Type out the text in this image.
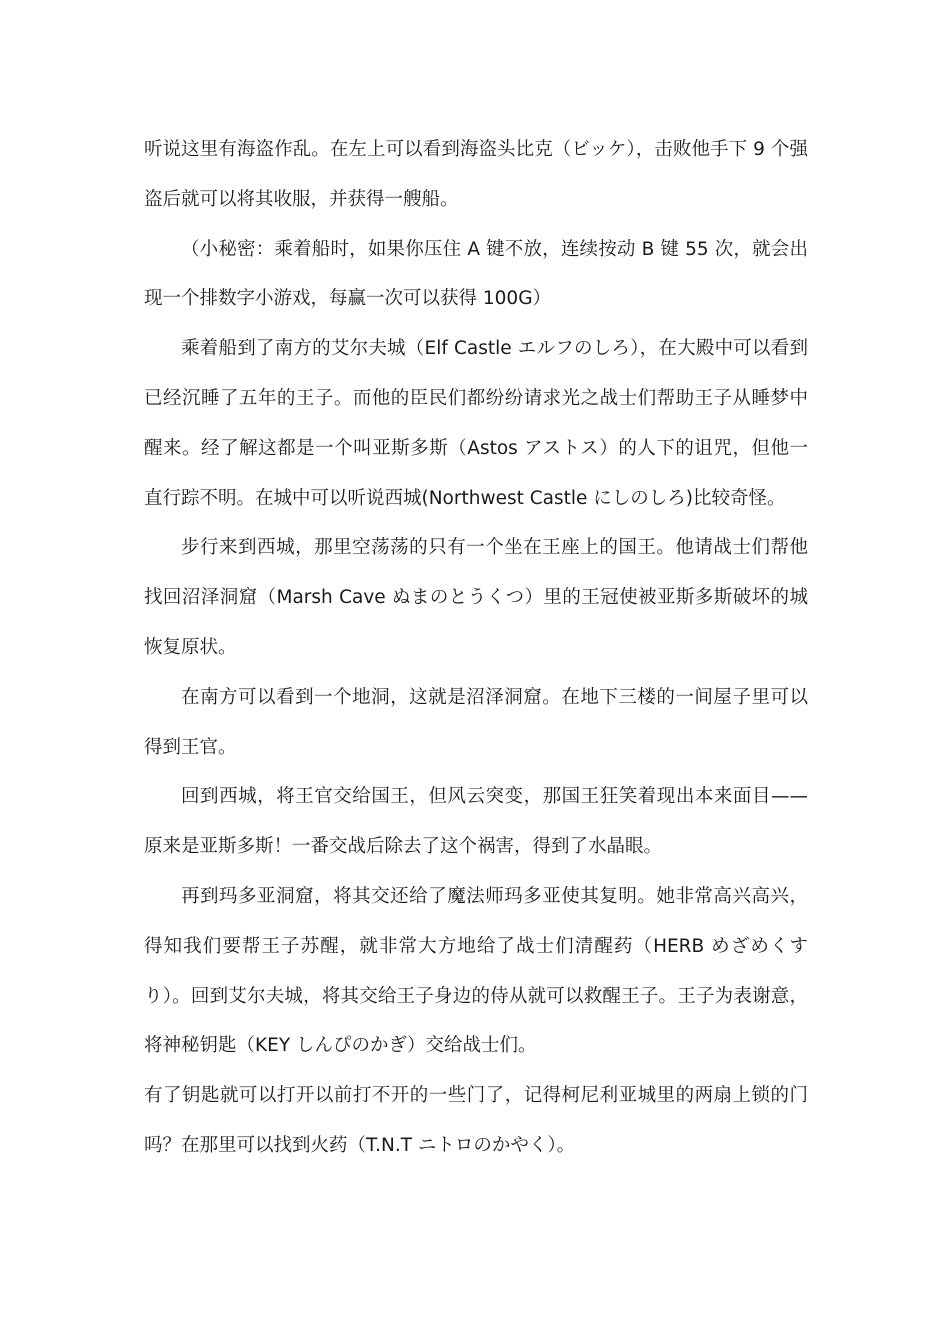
听说这里有海盗作乱。在左上可以看到海盗头比克（ビッケ），击败他手下 9 个强盗后就可以将其收服，并获得一艘船。

（小秘密：乘着船时，如果你压住 A 键不放，连续按动 B 键 55 次，就会出现一个排数字小游戏，每赢一次可以获得 100G）

乘着船到了南方的艾尔夫城（Elf Castle エルフのしろ），在大殿中可以看到已经沉睡了五年的王子。而他的臣民们都纷纷请求光之战士们帮助王子从睡梦中醒来。经了解这都是一个叫亚斯多斯（Astos アストス）的人下的诅咒，但他一直行踪不明。在城中可以听说西城(Northwest Castle にしのしろ)比较奇怪。

步行来到西城，那里空荡荡的只有一个坐在王座上的国王。他请战士们帮他找回沼泽洞窟（Marsh Cave ぬまのとうくつ）里的王冠使被亚斯多斯破坏的城恢复原状。

在南方可以看到一个地洞，这就是沼泽洞窟。在地下三楼的一间屋子里可以得到王官。

回到西城，将王官交给国王，但风云突变，那国王狂笑着现出本来面目——原来是亚斯多斯！一番交战后除去了这个祸害，得到了水晶眼。

再到玛多亚洞窟，将其交还给了魔法师玛多亚使其复明。她非常高兴高兴，得知我们要帮王子苏醒，就非常大方地给了战士们清醒药（HERB めざめくすり）。回到艾尔夫城，将其交给王子身边的侍从就可以救醒王子。王子为表谢意，将神秘钥匙（KEY しんぴのかぎ）交给战士们。

有了钥匙就可以打开以前打不开的一些门了，记得柯尼利亚城里的两扇上锁的门吗？在那里可以找到火药（T.N.T ニトロのかやく）。
